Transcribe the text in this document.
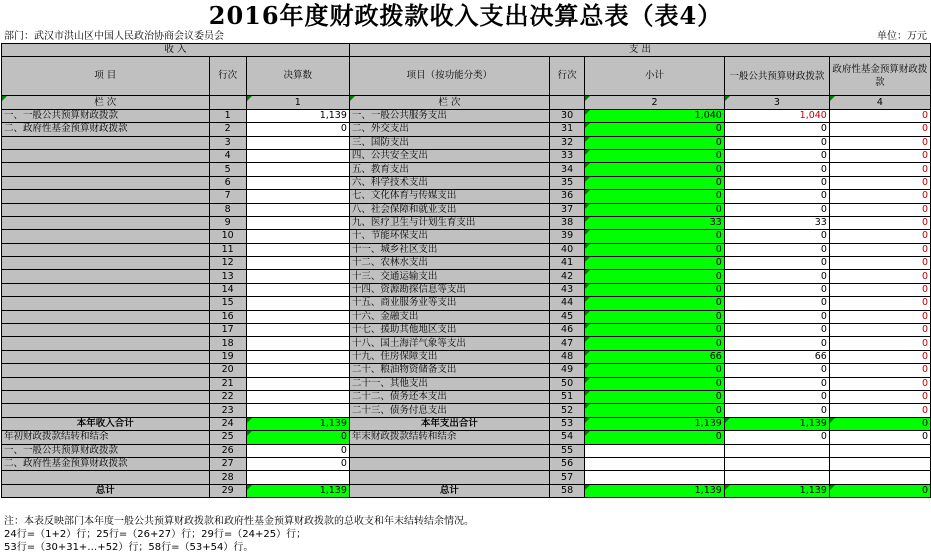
2016年度财政拨款收入支出决算总表（表4）
部门：武汉市洪山区中国人民政治协商会议委员会	单位：万元
收 入			支 出				
项 目	行次	决算数	项目（按功能分类）	行次	小计	一般公共预算财政拨款	政府性基金预算财政拨款
栏 次		1	栏 次		2	3	4
一、一般公共预算财政拨款	1	1,139	一、一般公共服务支出	30	1,040	1,040	0
二、政府性基金预算财政拨款	2	0	二、外交支出	31	0	0	0
	3		三、国防支出	32	0	0	0
	4		四、公共安全支出	33	0	0	0
	5		五、教育支出	34	0	0	0
	6		六、科学技术支出	35	0	0	0
	7		七、文化体育与传媒支出	36	0	0	0
	8		八、社会保障和就业支出	37	0	0	0
	9		九、医疗卫生与计划生育支出	38	33	33	0
	10		十、节能环保支出	39	0	0	0
	11		十一、城乡社区支出	40	0	0	0
	12		十二、农林水支出	41	0	0	0
	13		十三、交通运输支出	42	0	0	0
	14		十四、资源勘探信息等支出	43	0	0	0
	15		十五、商业服务业等支出	44	0	0	0
	16		十六、金融支出	45	0	0	0
	17		十七、援助其他地区支出	46	0	0	0
	18		十八、国土海洋气象等支出	47	0	0	0
	19		十九、住房保障支出	48	66	66	0
	20		二十、粮油物资储备支出	49	0	0	0
	21		二十一、其他支出	50	0	0	0
	22		二十二、债务还本支出	51	0	0	0
	23		二十三、债务付息支出	52	0	0	0
本年收入合计	24	1,139	本年支出合计	53	1,139	1,139	0
年初财政拨款结转和结余	25	0	年末财政拨款结转和结余	54	0	0	0
一、一般公共预算财政拨款	26	0		55			
二、政府性基金预算财政拨款	27	0		56			
	28			57			
总计	29	1,139	总计	58	1,139	1,139	0
注：本表反映部门本年度一般公共预算财政拨款和政府性基金预算财政拨款的总收支和年末结转结余情况。
24行=（1+2）行；25行=（26+27）行；29行=（24+25）行；
53行=（30+31+…+52）行；58行=（53+54）行。
